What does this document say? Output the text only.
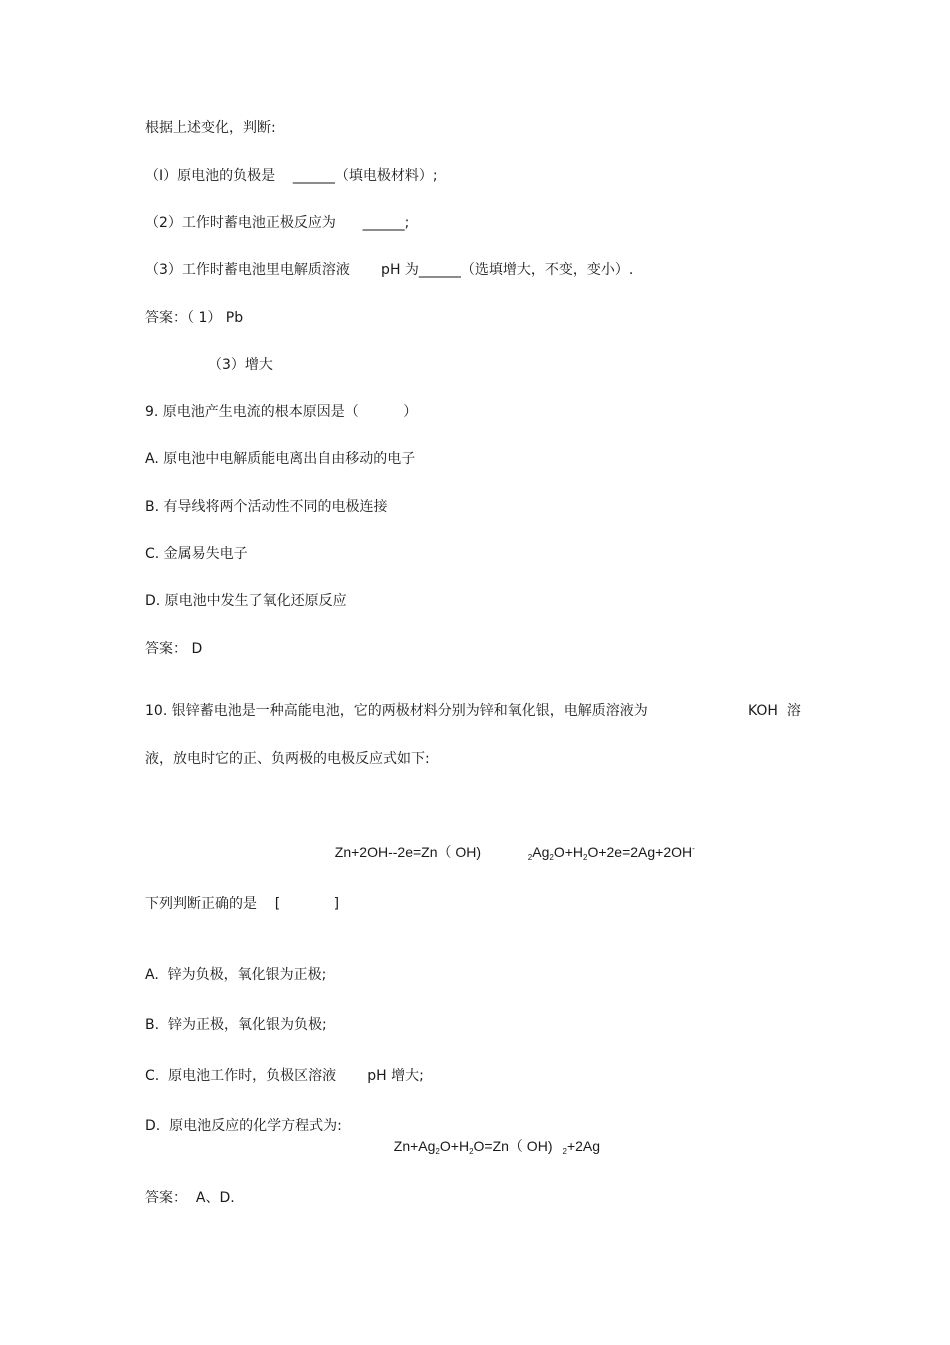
根据上述变化，判断:
（Ⅰ）原电池的负极是    ______（填电极材料）;
（2）工作时蓄电池正极反应为      ______;
（3）工作时蓄电池里电解质溶液       pH 为______（选填增大，不变，变小）.
答案：（ 1） Pb
（3）增大
9. 原电池产生电流的根本原因是（          ）
A. 原电池中电解质能电离出自由移动的电子
B. 有导线将两个活动性不同的电极连接
C. 金属易失电子
D. 原电池中发生了氧化还原反应
答案： D
10. 银锌蓄电池是一种高能电池，它的两极材料分别为锌和氧化银，电解质溶液为	KOH  溶
液，放电时它的正、负两极的电极反应式如下:

Zn+2OH--2e=Zn（ OH)	$_2Ag_2O+H_2O+2e=2Ag+2OH^-$

下列判断正确的是    [            ]
A.  锌为负极，氧化银为正极;
B.  锌为正极，氧化银为负极;
C.  原电池工作时，负极区溶液       pH 增大;
D.  原电池反应的化学方程式为:

$Zn+Ag_2O+H_2O=Zn$（ OH) $_2$+2Ag

答案：  A、D.
